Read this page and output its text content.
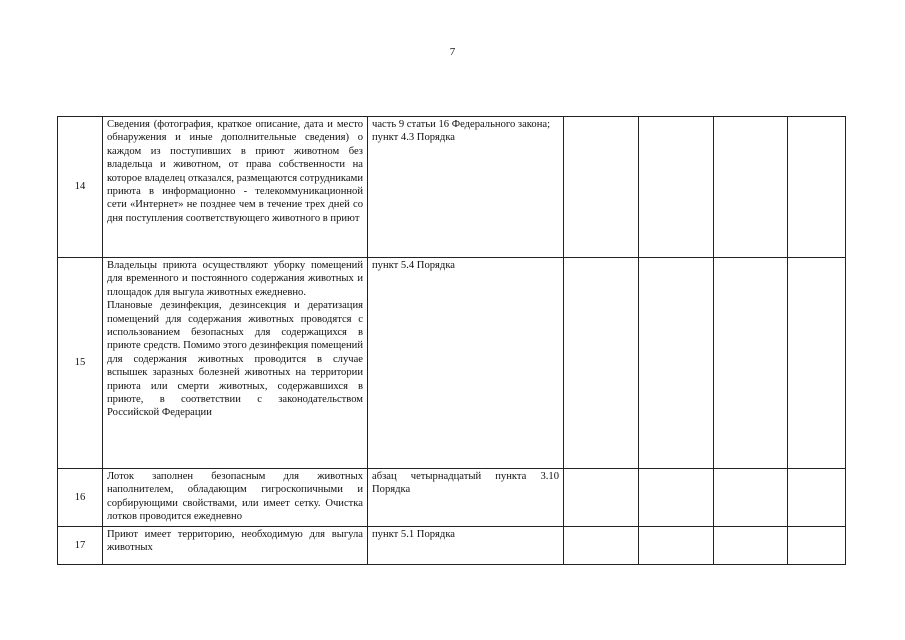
7
14	Сведения (фотография, краткое описание, дата и место обнаружения и иные дополнительные сведения) о каждом из поступивших в приют животном без владельца и животном, от права собственности на которое владелец отказался, размещаются сотрудниками приюта в информационно - телекоммуникационной сети «Интернет» не позднее чем в течение трех дней со дня поступления соответствующего животного в приют	часть 9 статьи 16 Федерального закона;
пункт 4.3 Порядка				

15	Владельцы приюта осуществляют уборку помещений для временного и постоянного содержания животных и площадок для выгула животных ежедневно.
Плановые дезинфекция, дезинсекция и дератизация помещений для содержания животных проводятся с использованием безопасных для содержащихся в приюте средств. Помимо этого дезинфекция помещений для содержания животных проводится в случае вспышек заразных болезней животных на территории приюта или смерти животных, содержавшихся в приюте, в соответствии с законодательством Российской Федерации	пункт 5.4 Порядка				

16	Лоток заполнен безопасным для животных наполнителем, обладающим гигроскопичными и сорбирующими свойствами, или имеет сетку. Очистка лотков проводится ежедневно	абзац четырнадцатый пункта 3.10 Порядка				

17	Приют имеет территорию, необходимую для выгула животных	пункт 5.1 Порядка				
